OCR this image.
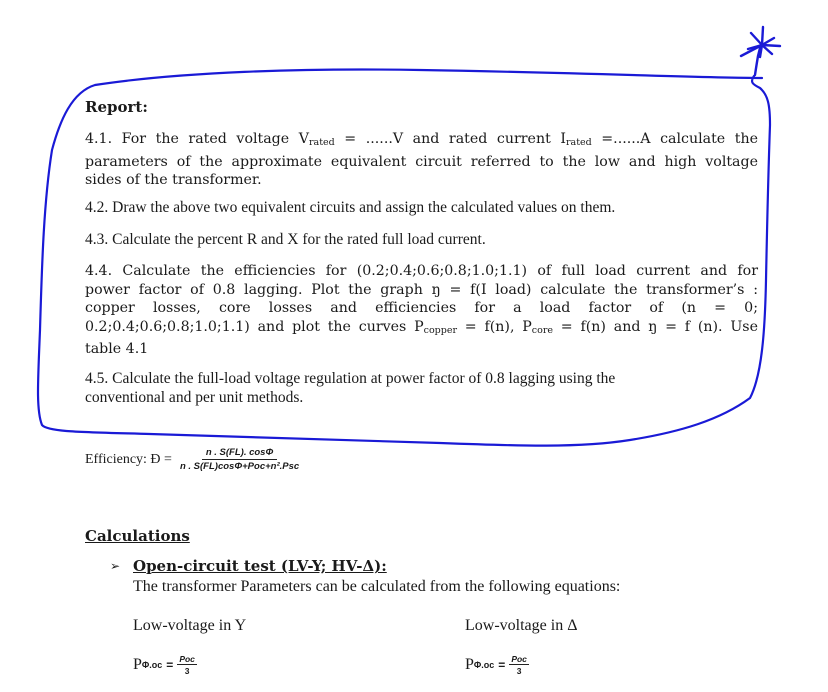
Report:
4.1. For the rated voltage $V_{rated} = ......V$ and rated current $I_{rated} =......A$ calculate the
parameters of the approximate equivalent circuit referred to the low and high voltage
sides of the transformer.
4.2. Draw the above two equivalent circuits and assign the calculated values on them.
4.3. Calculate the percent R and X for the rated full load current.
4.4. Calculate the efficiencies for (0.2;0.4;0.6;0.8;1.0;1.1) of full load current and for
power factor of 0.8 lagging. Plot the graph ŋ = f(I load) calculate the transformer’s :
copper losses, core losses and efficiencies for a load factor of (n = 0;
0.2;0.4;0.6;0.8;1.0;1.1) and plot the curves $P_{copper} = f(n)$, $P_{core} = f(n)$ and ŋ = f (n). Use
table 4.1
4.5. Calculate the full-load voltage regulation at power factor of 0.8 lagging using the
conventional and per unit methods.
Efficiency: Đ = $\frac{n . S(FL). \cos\Phi}{\text{n . S(FL)cosΦ+Poc+n².Psc}}$
Calculations
➢ Open-circuit test (LV-Y; HV-Δ):
The transformer Parameters can be calculated from the following equations:
Low-voltage in Y	Low-voltage in Δ
P $\Phi.oc = \frac{\text{Poc}}{3}$	P $\Phi.oc = \frac{\text{Poc}}{3}$
